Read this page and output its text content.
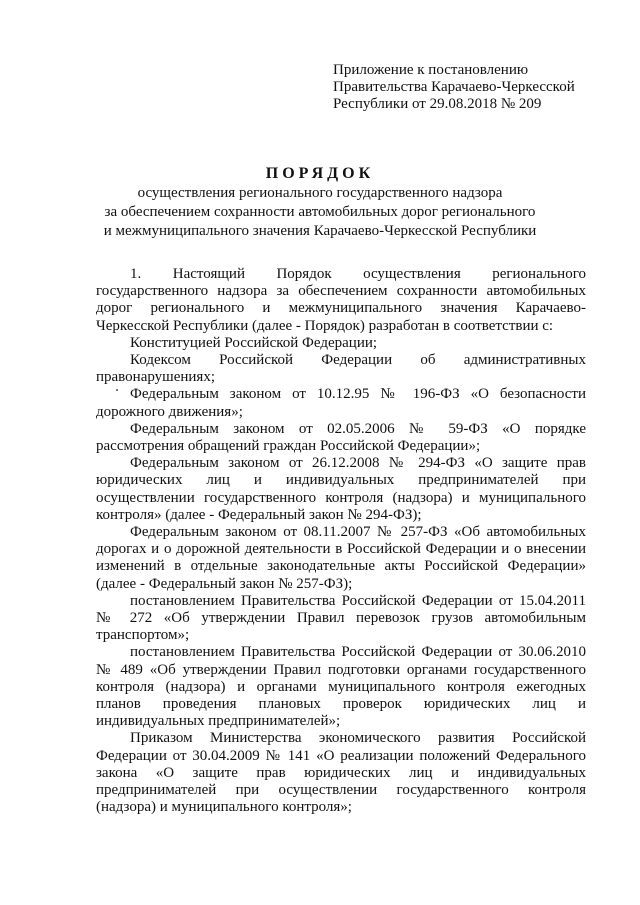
Приложение к постановлению
Правительства Карачаево-Черкесской
Республики от 29.08.2018 № 209
ПОРЯДОК
осуществления регионального государственного надзора
за обеспечением сохранности автомобильных дорог регионального
и межмуниципального значения Карачаево-Черкесской Республики
1. Настоящий Порядок осуществления регионального государственного надзора за обеспечением сохранности автомобильных дорог регионального и межмуниципального значения Карачаево-Черкесской Республики (далее - Порядок) разработан в соответствии с:
Конституцией Российской Федерации;
Кодексом Российской Федерации об административных правонарушениях;
Федеральным законом от 10.12.95 № 196-ФЗ «О безопасности дорожного движения»;
Федеральным законом от 02.05.2006 № 59-ФЗ «О порядке рассмотрения обращений граждан Российской Федерации»;
Федеральным законом от 26.12.2008 № 294-ФЗ «О защите прав юридических лиц и индивидуальных предпринимателей при осуществлении государственного контроля (надзора) и муниципального контроля» (далее - Федеральный закон № 294-ФЗ);
Федеральным законом от 08.11.2007 № 257-ФЗ «Об автомобильных дорогах и о дорожной деятельности в Российской Федерации и о внесении изменений в отдельные законодательные акты Российской Федерации» (далее - Федеральный закон № 257-ФЗ);
постановлением Правительства Российской Федерации от 15.04.2011 № 272 «Об утверждении Правил перевозок грузов автомобильным транспортом»;
постановлением Правительства Российской Федерации от 30.06.2010 № 489 «Об утверждении Правил подготовки органами государственного контроля (надзора) и органами муниципального контроля ежегодных планов проведения плановых проверок юридических лиц и индивидуальных предпринимателей»;
Приказом Министерства экономического развития Российской Федерации от 30.04.2009 № 141 «О реализации положений Федерального закона «О защите прав юридических лиц и индивидуальных предпринимателей при осуществлении государственного контроля (надзора) и муниципального контроля»;
